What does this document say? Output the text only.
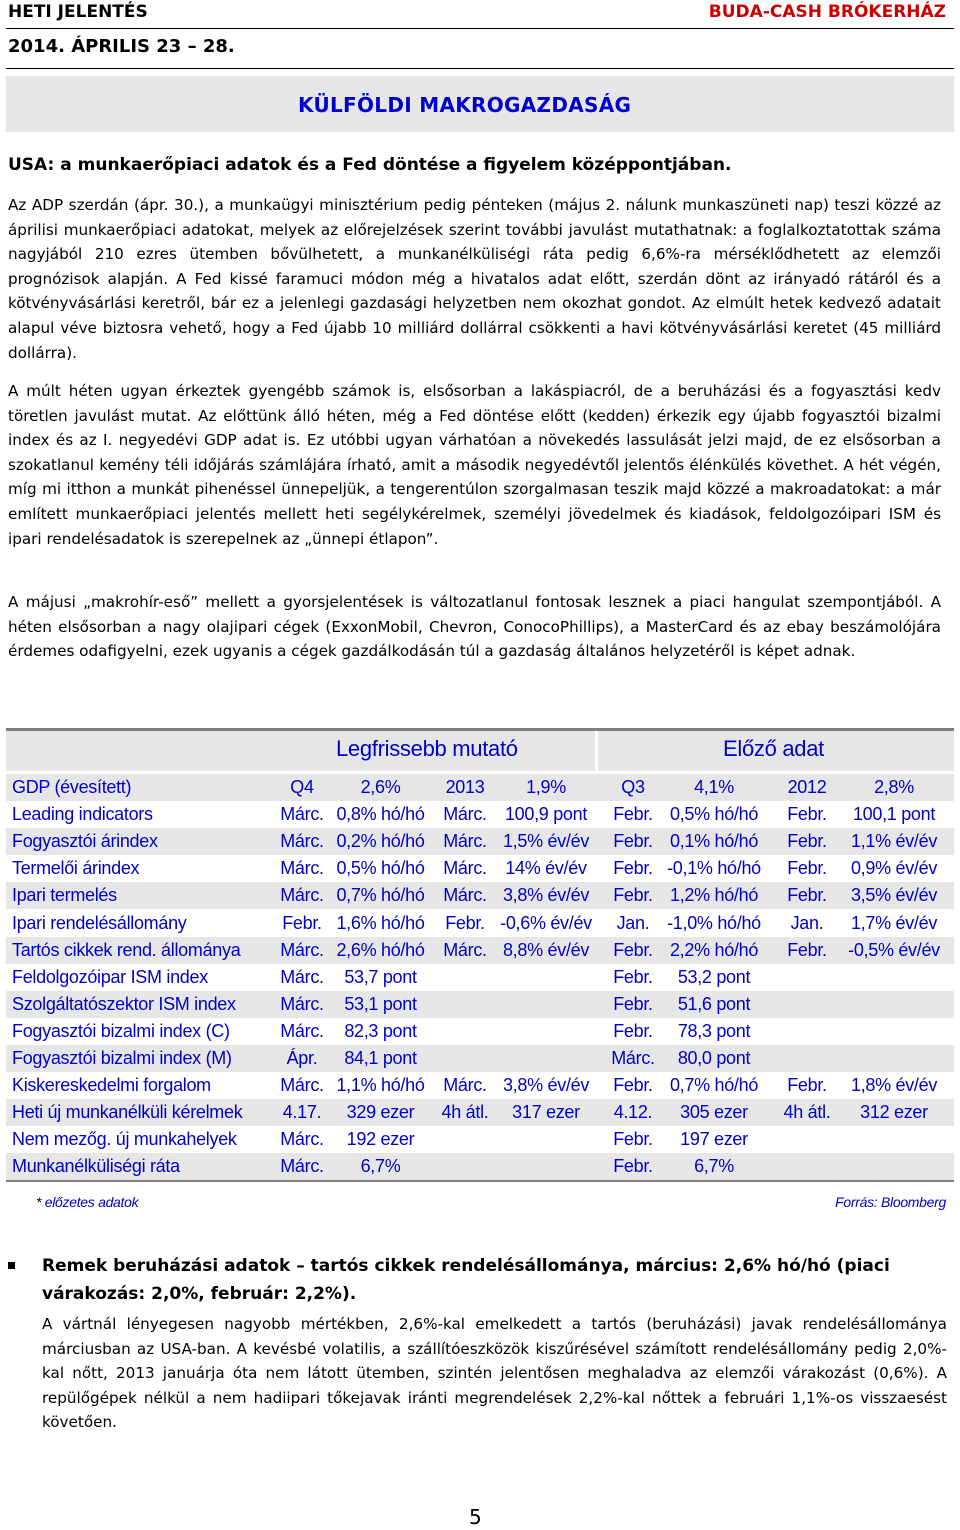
HETI JELENTÉS	BUDA-CASH BRÓKERHÁZ
2014. ÁPRILIS 23 – 28.
KÜLFÖLDI MAKROGAZDASÁG
USA: a munkaerőpiaci adatok és a Fed döntése a figyelem középpontjában.

Az ADP szerdán (ápr. 30.), a munkaügyi minisztérium pedig pénteken (május 2. nálunk munkaszüneti nap) teszi közzé az áprilisi munkaerőpiaci adatokat, melyek az előrejelzések szerint további javulást mutathatnak: a foglalkoztatottak száma nagyjából 210 ezres ütemben bővülhetett, a munkanélküliségi ráta pedig 6,6%-ra mérséklődhetett az elemzői prognózisok alapján. A Fed kissé faramuci módon még a hivatalos adat előtt, szerdán dönt az irányadó rátáról és a kötvényvásárlási keretről, bár ez a jelenlegi gazdasági helyzetben nem okozhat gondot. Az elmúlt hetek kedvező adatait alapul véve biztosra vehető, hogy a Fed újabb 10 milliárd dollárral csökkenti a havi kötvényvásárlási keretet (45 milliárd dollárra).

A múlt héten ugyan érkeztek gyengébb számok is, elsősorban a lakáspiacról, de a beruházási és a fogyasztási kedv töretlen javulást mutat. Az előttünk álló héten, még a Fed döntése előtt (kedden) érkezik egy újabb fogyasztói bizalmi index és az I. negyedévi GDP adat is. Ez utóbbi ugyan várhatóan a növekedés lassulását jelzi majd, de ez elsősorban a szokatlanul kemény téli időjárás számlájára írható, amit a második negyedévtől jelentős élénkülés követhet. A hét végén, míg mi itthon a munkát pihenéssel ünnepeljük, a tengerentúlon szorgalmasan teszik majd közzé a makroadatokat: a már említett munkaerőpiaci jelentés mellett heti segélykérelmek, személyi jövedelmek és kiadások, feldolgozóipari ISM és ipari rendelésadatok is szerepelnek az „ünnepi étlapon”.

A májusi „makrohír-eső” mellett a gyorsjelentések is változatlanul fontosak lesznek a piaci hangulat szempontjából. A héten elsősorban a nagy olajipari cégek (ExxonMobil, Chevron, ConocoPhillips), a MasterCard és az ebay beszámolójára érdemes odafigyelni, ezek ugyanis a cégek gazdálkodásán túl a gazdaság általános helyzetéről is képet adnak.

Legfrissebb mutató	Előző adat
GDP (évesített)	Q4	2,6%	2013	1,9%	Q3	4,1%	2012	2,8%
Leading indicators	Márc. 0,8% hó/hó	Márc.	100,9 pont	Febr. 0,5% hó/hó	Febr.	100,1 pont
Fogyasztói árindex	Márc. 0,2% hó/hó	Márc. 1,5% év/év	Febr. 0,1% hó/hó	Febr.	1,1% év/év
Termelői árindex	Márc. 0,5% hó/hó	Márc.	14% év/év	Febr. -0,1% hó/hó	Febr.	0,9% év/év
Ipari termelés	Márc. 0,7% hó/hó	Márc. 3,8% év/év	Febr. 1,2% hó/hó	Febr.	3,5% év/év
Ipari rendelésállomány	Febr. 1,6% hó/hó	Febr. -0,6% év/év	Jan. -1,0% hó/hó	Jan.	1,7% év/év
Tartós cikkek rend. állománya Márc. 2,6% hó/hó	Márc. 8,8% év/év	Febr. 2,2% hó/hó	Febr.	-0,5% év/év
Feldolgozóipar ISM index	Márc.	53,7 pont	Febr.	53,2 pont
Szolgáltatószektor ISM index Márc.	53,1 pont	Febr.	51,6 pont
Fogyasztói bizalmi index (C)	Márc.	82,3 pont	Febr.	78,3 pont
Fogyasztói bizalmi index (M)	Ápr.	84,1 pont	Márc.	80,0 pont
Kiskereskedelmi forgalom	Márc. 1,1% hó/hó	Márc. 3,8% év/év	Febr. 0,7% hó/hó	Febr.	1,8% év/év
Heti új munkanélküli kérelmek	4.17.	329 ezer	4h átl.	317 ezer	4.12.	305 ezer	4h átl.	312 ezer
Nem mezőg. új munkahelyek Márc.	192 ezer	Febr.	197 ezer
Munkanélküliségi ráta	Márc.	6,7%	Febr.	6,7%
* előzetes adatok	Forrás: Bloomberg

Remek beruházási adatok – tartós cikkek rendelésállománya, március: 2,6% hó/hó (piaci várakozás: 2,0%, február: 2,2%).

A vártnál lényegesen nagyobb mértékben, 2,6%-kal emelkedett a tartós (beruházási) javak rendelésállománya márciusban az USA-ban. A kevésbé volatilis, a szállítóeszközök kiszűrésével számított rendelésállomány pedig 2,0%-kal nőtt, 2013 januárja óta nem látott ütemben, szintén jelentősen meghaladva az elemzői várakozást (0,6%). A repülőgépek nélkül a nem hadiipari tőkejavak iránti megrendelések 2,2%-kal nőttek a februári 1,1%-os visszaesést követően.

5
